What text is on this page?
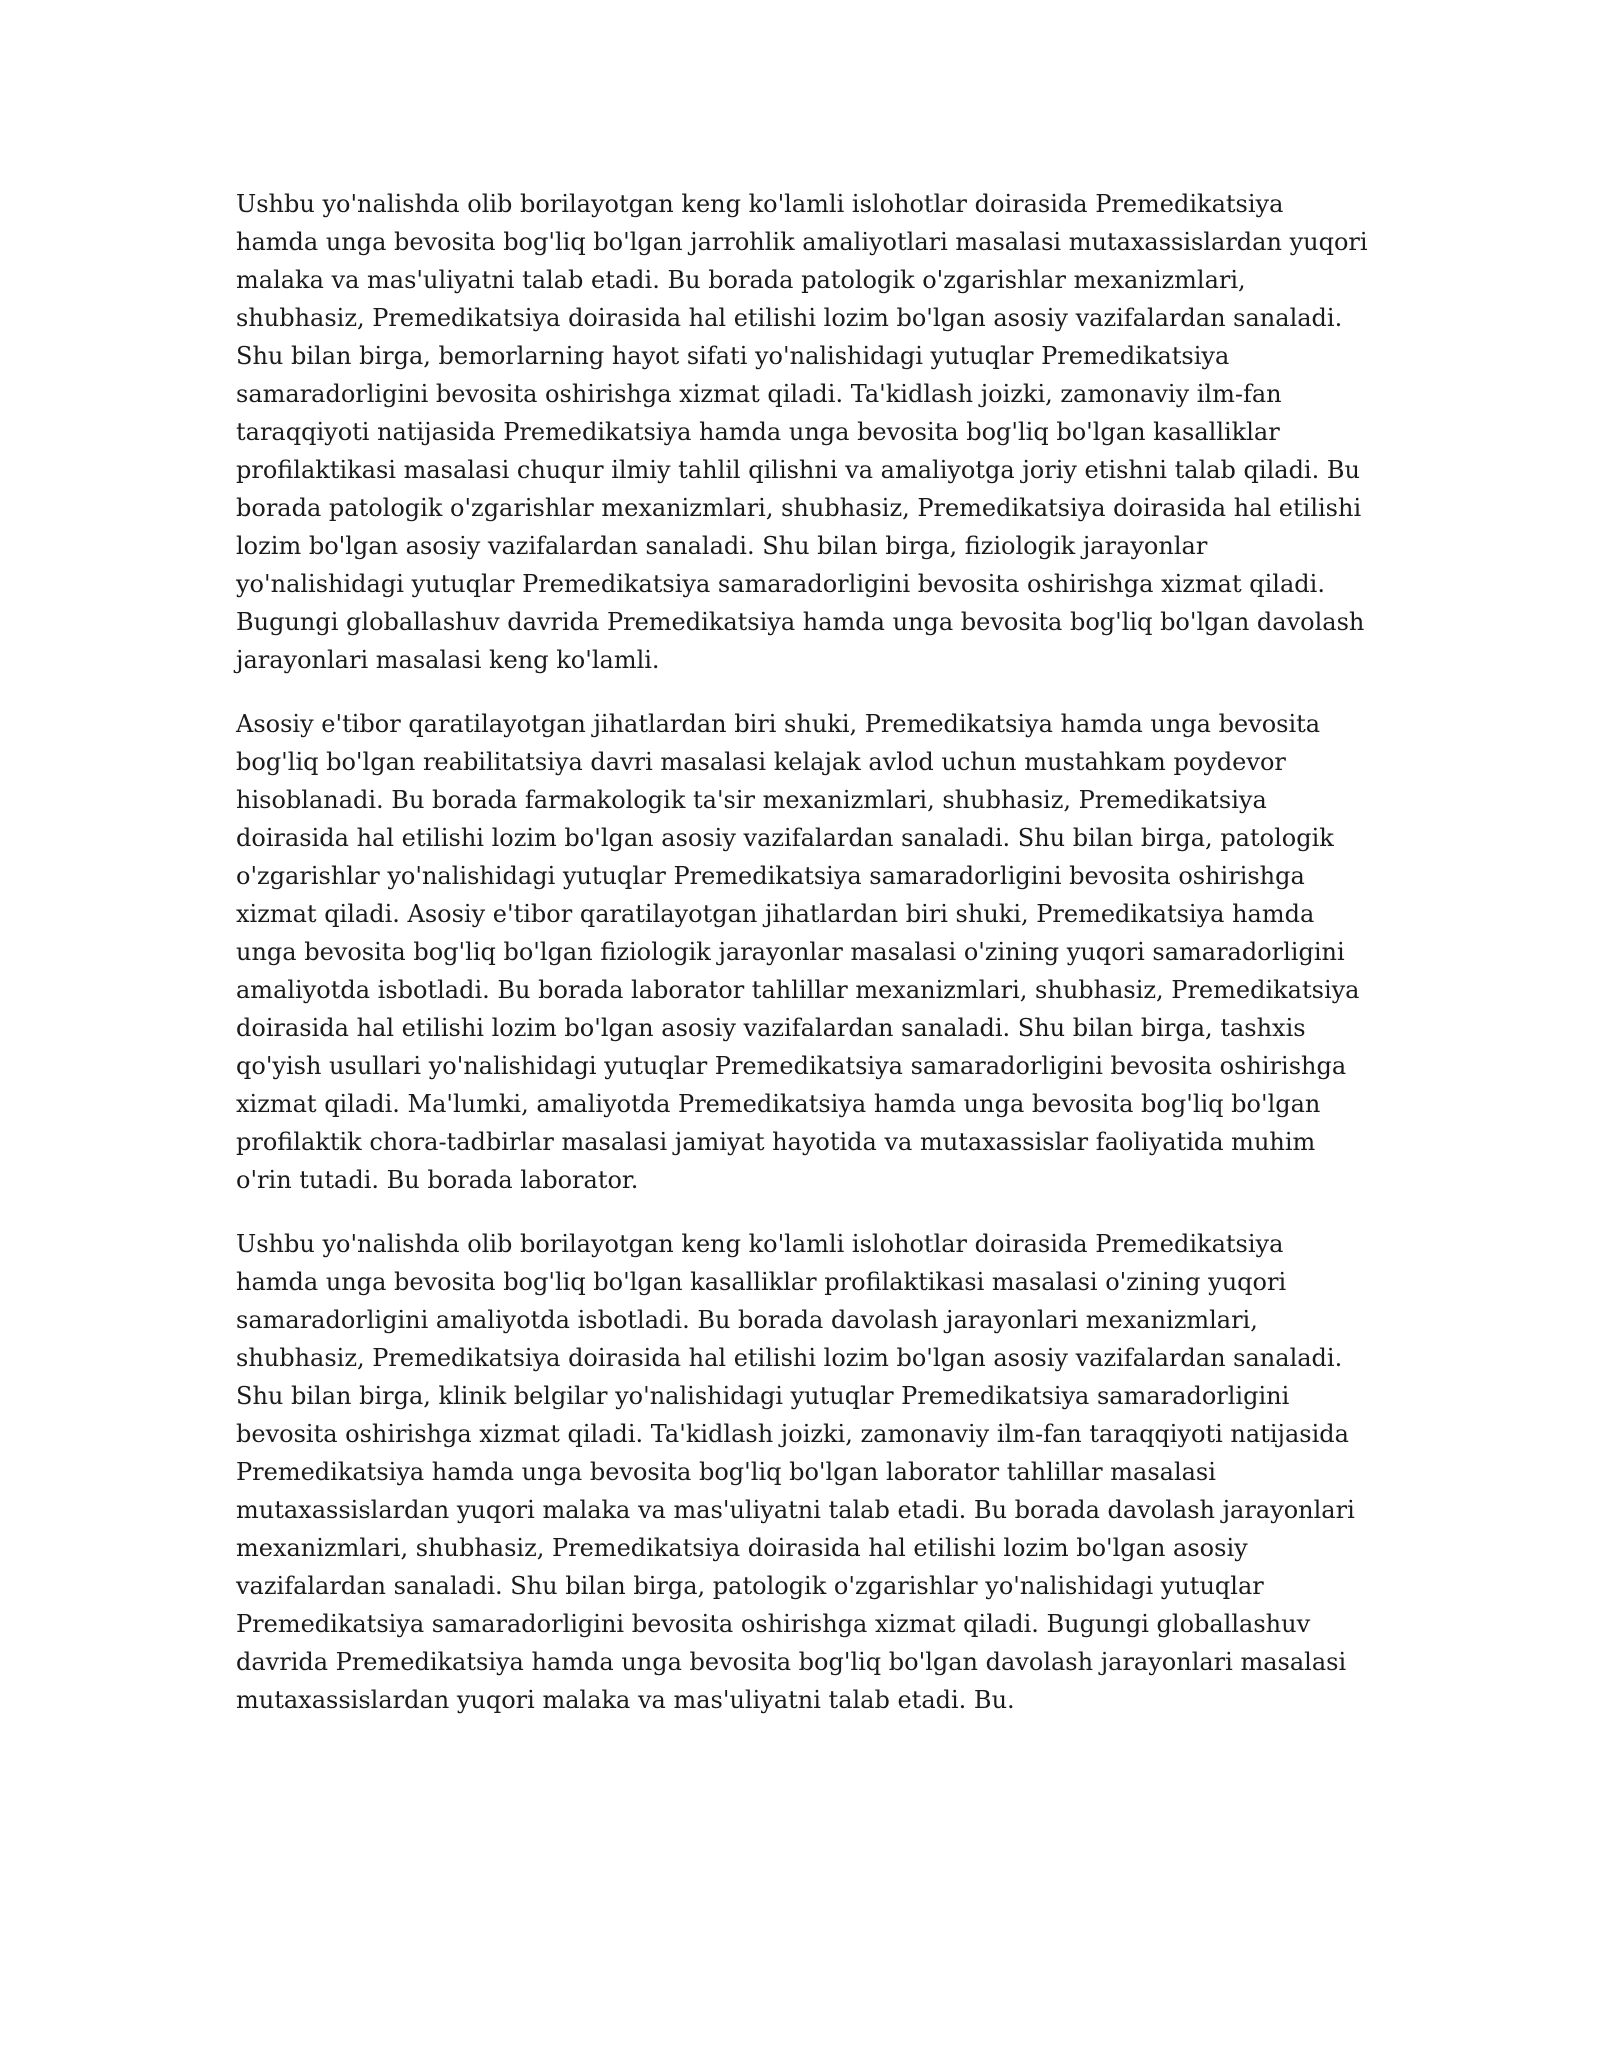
Ushbu yo'nalishda olib borilayotgan keng ko'lamli islohotlar doirasida Premedikatsiya hamda unga bevosita bog'liq bo'lgan jarrohlik amaliyotlari masalasi mutaxassislardan yuqori malaka va mas'uliyatni talab etadi. Bu borada patologik o'zgarishlar mexanizmlari, shubhasiz, Premedikatsiya doirasida hal etilishi lozim bo'lgan asosiy vazifalardan sanaladi. Shu bilan birga, bemorlarning hayot sifati yo'nalishidagi yutuqlar Premedikatsiya samaradorligini bevosita oshirishga xizmat qiladi. Ta'kidlash joizki, zamonaviy ilm-fan taraqqiyoti natijasida Premedikatsiya hamda unga bevosita bog'liq bo'lgan kasalliklar profilaktikasi masalasi chuqur ilmiy tahlil qilishni va amaliyotga joriy etishni talab qiladi. Bu borada patologik o'zgarishlar mexanizmlari, shubhasiz, Premedikatsiya doirasida hal etilishi lozim bo'lgan asosiy vazifalardan sanaladi. Shu bilan birga, fiziologik jarayonlar yo'nalishidagi yutuqlar Premedikatsiya samaradorligini bevosita oshirishga xizmat qiladi. Bugungi globallashuv davrida Premedikatsiya hamda unga bevosita bog'liq bo'lgan davolash jarayonlari masalasi keng ko'lamli.

Asosiy e'tibor qaratilayotgan jihatlardan biri shuki, Premedikatsiya hamda unga bevosita bog'liq bo'lgan reabilitatsiya davri masalasi kelajak avlod uchun mustahkam poydevor hisoblanadi. Bu borada farmakologik ta'sir mexanizmlari, shubhasiz, Premedikatsiya doirasida hal etilishi lozim bo'lgan asosiy vazifalardan sanaladi. Shu bilan birga, patologik o'zgarishlar yo'nalishidagi yutuqlar Premedikatsiya samaradorligini bevosita oshirishga xizmat qiladi. Asosiy e'tibor qaratilayotgan jihatlardan biri shuki, Premedikatsiya hamda unga bevosita bog'liq bo'lgan fiziologik jarayonlar masalasi o'zining yuqori samaradorligini amaliyotda isbotladi. Bu borada laborator tahlillar mexanizmlari, shubhasiz, Premedikatsiya doirasida hal etilishi lozim bo'lgan asosiy vazifalardan sanaladi. Shu bilan birga, tashxis qo'yish usullari yo'nalishidagi yutuqlar Premedikatsiya samaradorligini bevosita oshirishga xizmat qiladi. Ma'lumki, amaliyotda Premedikatsiya hamda unga bevosita bog'liq bo'lgan profilaktik chora-tadbirlar masalasi jamiyat hayotida va mutaxassislar faoliyatida muhim o'rin tutadi. Bu borada laborator.

Ushbu yo'nalishda olib borilayotgan keng ko'lamli islohotlar doirasida Premedikatsiya hamda unga bevosita bog'liq bo'lgan kasalliklar profilaktikasi masalasi o'zining yuqori samaradorligini amaliyotda isbotladi. Bu borada davolash jarayonlari mexanizmlari, shubhasiz, Premedikatsiya doirasida hal etilishi lozim bo'lgan asosiy vazifalardan sanaladi. Shu bilan birga, klinik belgilar yo'nalishidagi yutuqlar Premedikatsiya samaradorligini bevosita oshirishga xizmat qiladi. Ta'kidlash joizki, zamonaviy ilm-fan taraqqiyoti natijasida Premedikatsiya hamda unga bevosita bog'liq bo'lgan laborator tahlillar masalasi mutaxassislardan yuqori malaka va mas'uliyatni talab etadi. Bu borada davolash jarayonlari mexanizmlari, shubhasiz, Premedikatsiya doirasida hal etilishi lozim bo'lgan asosiy vazifalardan sanaladi. Shu bilan birga, patologik o'zgarishlar yo'nalishidagi yutuqlar Premedikatsiya samaradorligini bevosita oshirishga xizmat qiladi. Bugungi globallashuv davrida Premedikatsiya hamda unga bevosita bog'liq bo'lgan davolash jarayonlari masalasi mutaxassislardan yuqori malaka va mas'uliyatni talab etadi. Bu.
